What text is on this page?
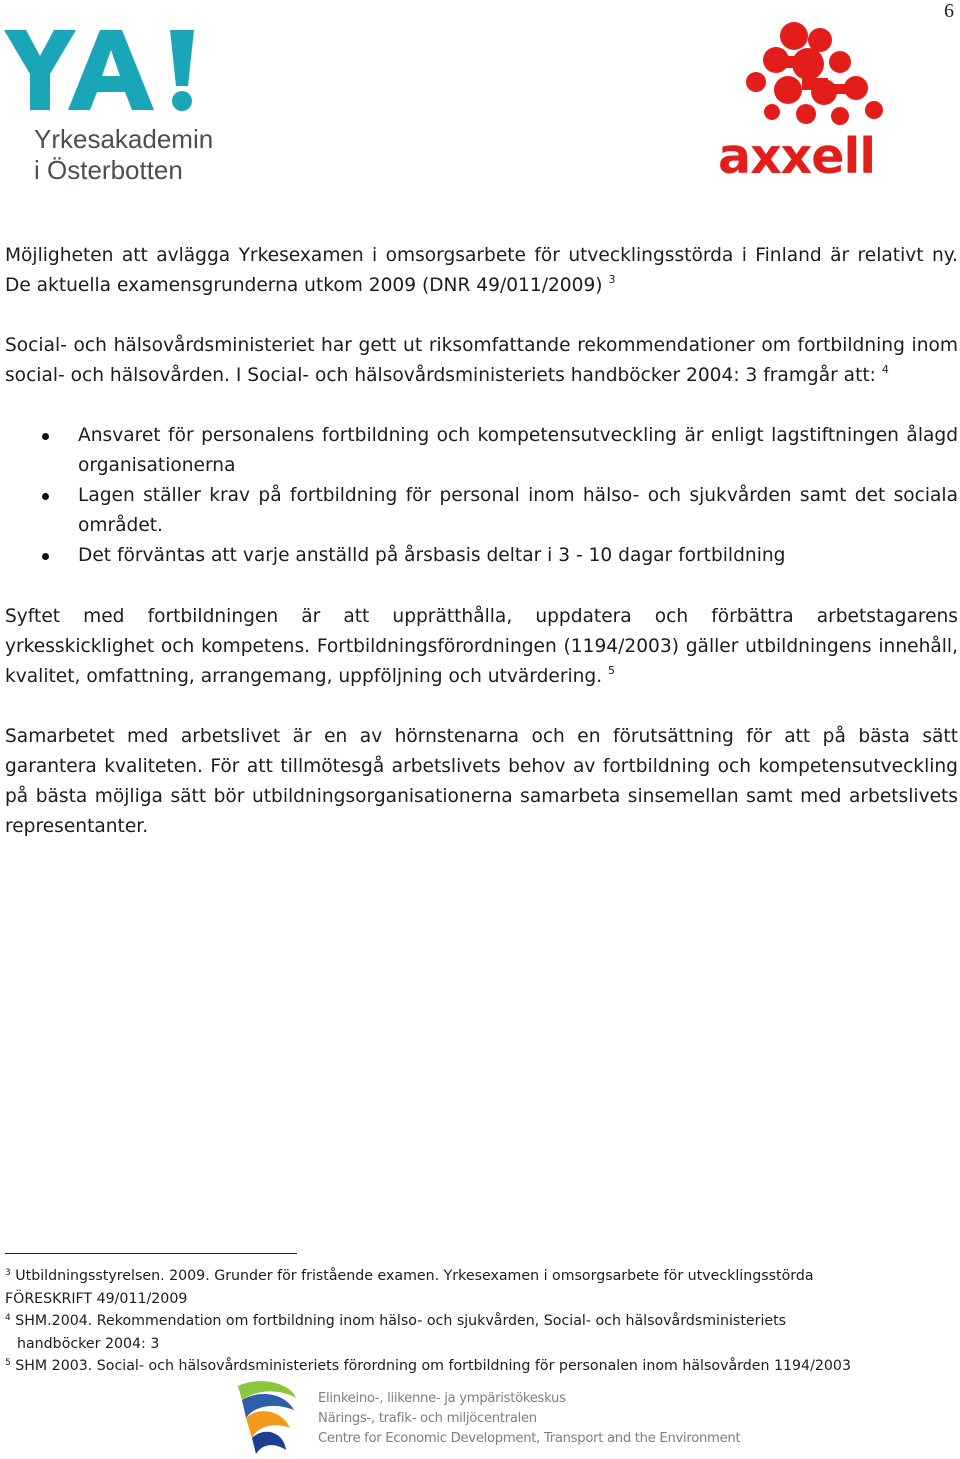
6
Yrkesakademin
i Österbotten	axxell
Möjligheten att avlägga Yrkesexamen i omsorgsarbete för utvecklingsstörda i Finland är relativt ny. De aktuella examensgrunderna utkom 2009 (DNR 49/011/2009) $^3$
Social- och hälsovårdsministeriet har gett ut riksomfattande rekommendationer om fortbildning inom social- och hälsovården. I Social- och hälsovårdsministeriets handböcker 2004: 3 framgår att: $^4$
Ansvaret för personalens fortbildning och kompetensutveckling är enligt lagstiftningen ålagd organisationerna
Lagen ställer krav på fortbildning för personal inom hälso- och sjukvården samt det sociala området.
Det förväntas att varje anställd på årsbasis deltar i 3 - 10 dagar fortbildning
Syftet med fortbildningen är att upprätthålla, uppdatera och förbättra arbetstagarens yrkesskicklighet och kompetens. Fortbildningsförordningen (1194/2003) gäller utbildningens innehåll, kvalitet, omfattning, arrangemang, uppföljning och utvärdering. $^5$
Samarbetet med arbetslivet är en av hörnstenarna och en förutsättning för att på bästa sätt garantera kvaliteten. För att tillmötesgå arbetslivets behov av fortbildning och kompetensutveckling på bästa möjliga sätt bör utbildningsorganisationerna samarbeta sinsemellan samt med arbetslivets representanter.
$^3$ Utbildningsstyrelsen. 2009. Grunder för fristående examen. Yrkesexamen i omsorgsarbete för utvecklingsstörda
FÖRESKRIFT 49/011/2009
$^4$ SHM.2004. Rekommendation om fortbildning inom hälso- och sjukvården, Social- och hälsovårdsministeriets
handböcker 2004: 3
$^5$ SHM 2003. Social- och hälsovårdsministeriets förordning om fortbildning för personalen inom hälsovården 1194/2003
Elinkeino-, liikenne- ja ympäristökeskus
Närings-, trafik- och miljöcentralen
Centre for Economic Development, Transport and the Environment
